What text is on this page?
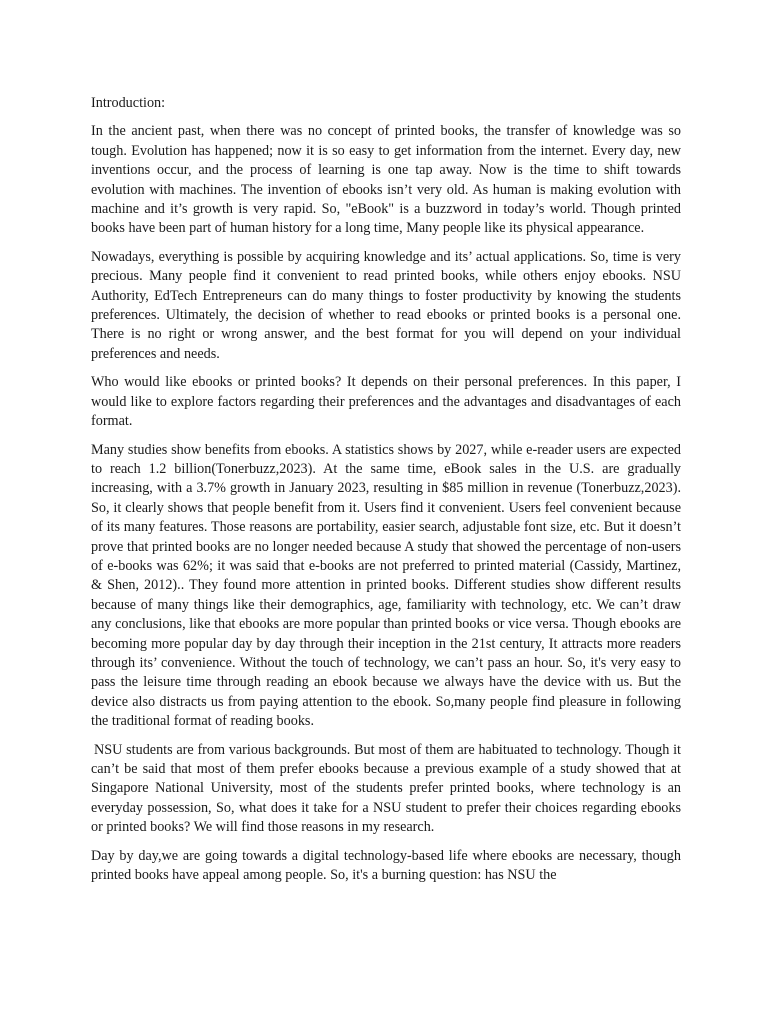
Introduction:

In the ancient past, when there was no concept of printed books, the transfer of knowledge was so tough. Evolution has happened; now it is so easy to get information from the internet. Every day, new inventions occur, and the process of learning is one tap away. Now is the time to shift towards evolution with machines. The invention of ebooks isn’t very old. As human is making evolution with machine and it’s growth is very rapid. So, "eBook" is a buzzword in today’s world. Though printed books have been part of human history for a long time, Many people like its physical appearance.

Nowadays, everything is possible by acquiring knowledge and its’ actual applications. So, time is very precious. Many people find it convenient to read printed books, while others enjoy ebooks. NSU Authority, EdTech Entrepreneurs can do many things to foster productivity by knowing the students preferences. Ultimately, the decision of whether to read ebooks or printed books is a personal one. There is no right or wrong answer, and the best format for you will depend on your individual preferences and needs.

Who would like ebooks or printed books? It depends on their personal preferences. In this paper, I would like to explore factors regarding their preferences and the advantages and disadvantages of each format.

Many studies show benefits from ebooks. A statistics shows by 2027, while e-reader users are expected to reach 1.2 billion(Tonerbuzz,2023). At the same time, eBook sales in the U.S. are gradually increasing, with a 3.7% growth in January 2023, resulting in $85 million in revenue (Tonerbuzz,2023). So, it clearly shows that people benefit from it. Users find it convenient. Users feel convenient because of its many features. Those reasons are portability, easier search, adjustable font size, etc. But it doesn’t prove that printed books are no longer needed because A study that showed the percentage of non-users of e-books was 62%; it was said that e-books are not preferred to printed material (Cassidy, Martinez, & Shen, 2012).. They found more attention in printed books. Different studies show different results because of many things like their demographics, age, familiarity with technology, etc. We can’t draw any conclusions, like that ebooks are more popular than printed books or vice versa. Though ebooks are becoming more popular day by day through their inception in the 21st century, It attracts more readers through its’ convenience. Without the touch of technology, we can’t pass an hour. So, it's very easy to pass the leisure time through reading an ebook because we always have the device with us. But the device also distracts us from paying attention to the ebook. So,many people find pleasure in following the traditional format of reading books.

NSU students are from various backgrounds. But most of them are habituated to technology. Though it can’t be said that most of them prefer ebooks because a previous example of a study showed that at Singapore National University, most of the students prefer printed books, where technology is an everyday possession, So, what does it take for a NSU student to prefer their choices regarding ebooks or printed books? We will find those reasons in my research.

Day by day,we are going towards a digital technology-based life where ebooks are necessary, though printed books have appeal among people. So, it's a burning question: has NSU the
